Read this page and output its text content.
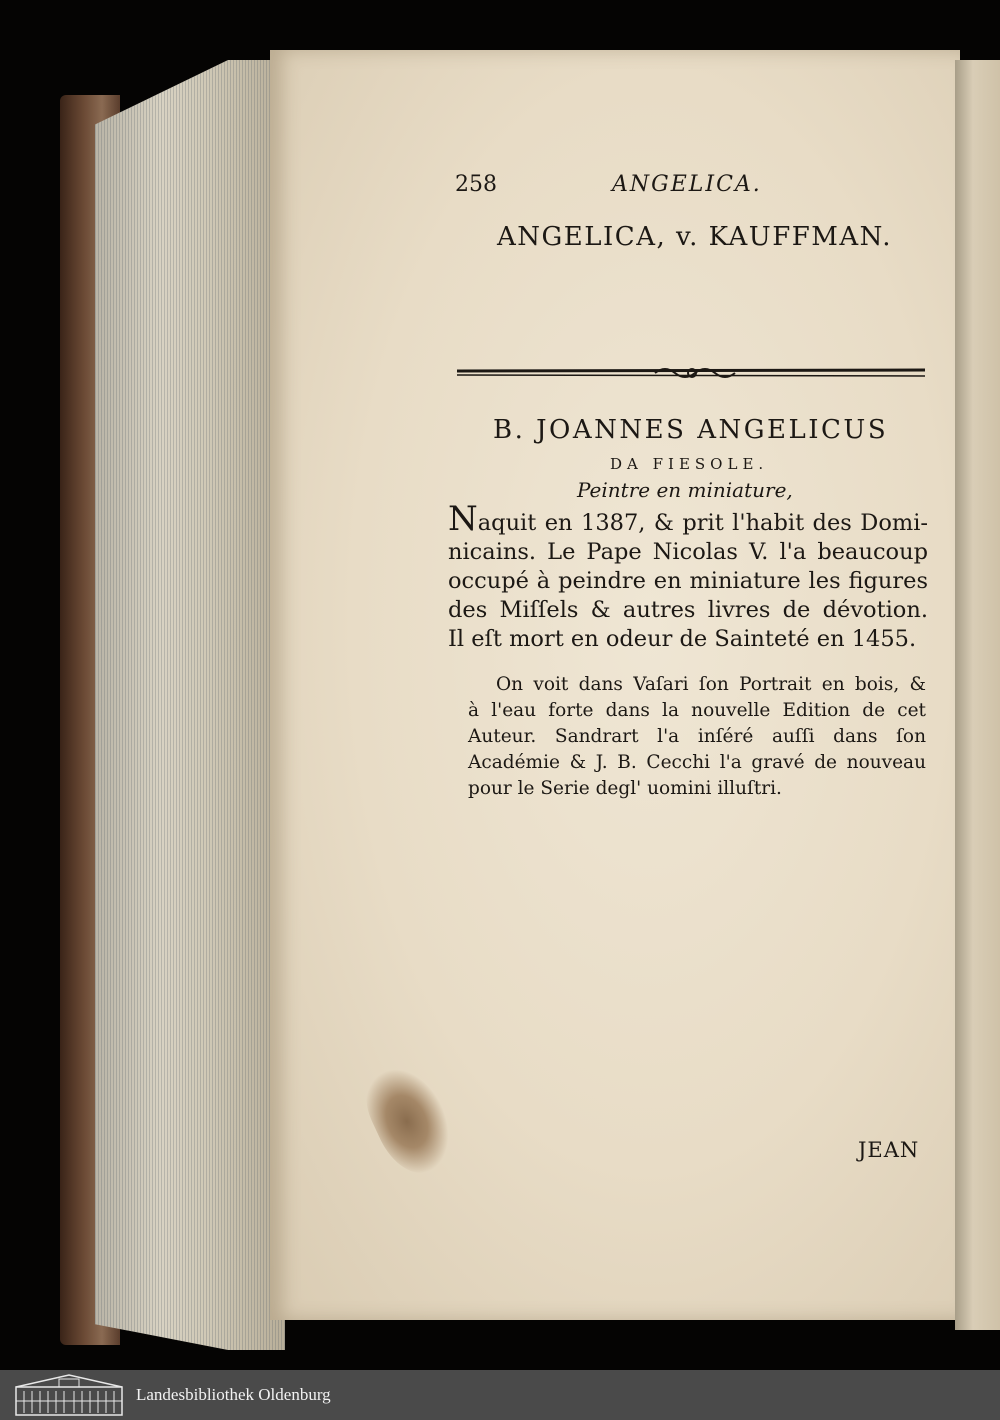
258	ANGELICA.
ANGELICA, v. KAUFFMAN.
B. JOANNES ANGELICUS
DA FIESOLE.
Peintre en miniature,
Naquit en 1387, & prit l'habit des Domi-
nicains. Le Pape Nicolas V. l'a beaucoup
occupé à peindre en miniature les figures
des Miſſels & autres livres de dévotion.
Il eſt mort en odeur de Sainteté en 1455.
On voit dans Vaſari ſon Portrait en bois, &
à l'eau forte dans la nouvelle Edition de cet
Auteur. Sandrart l'a inſéré auſſi dans ſon
Académie & J. B. Cecchi l'a gravé de nouveau
pour le Serie degl' uomini illuſtri.
JEAN
Landesbibliothek Oldenburg
